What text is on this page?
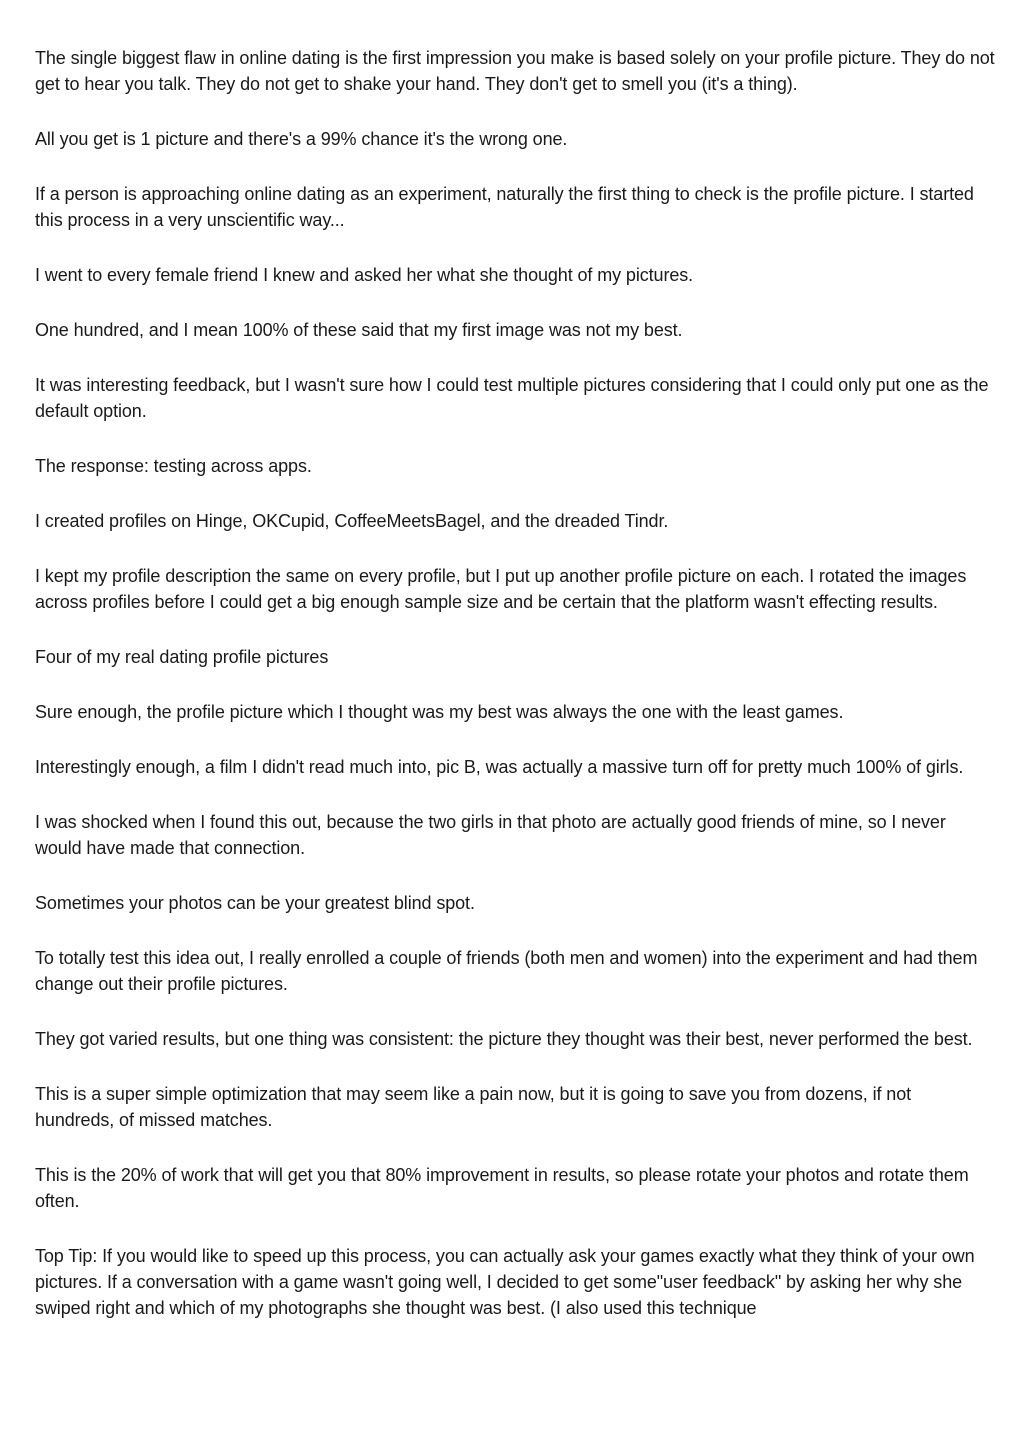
The single biggest flaw in online dating is the first impression you make is based solely on your profile picture. They do not get to hear you talk. They do not get to shake your hand. They don't get to smell you (it's a thing).

All you get is 1 picture and there's a 99% chance it's the wrong one.

If a person is approaching online dating as an experiment, naturally the first thing to check is the profile picture. I started this process in a very unscientific way...

I went to every female friend I knew and asked her what she thought of my pictures.

One hundred, and I mean 100% of these said that my first image was not my best.

It was interesting feedback, but I wasn't sure how I could test multiple pictures considering that I could only put one as the default option.

The response: testing across apps.

I created profiles on Hinge, OKCupid, CoffeeMeetsBagel, and the dreaded Tindr.

I kept my profile description the same on every profile, but I put up another profile picture on each. I rotated the images across profiles before I could get a big enough sample size and be certain that the platform wasn't effecting results.

Four of my real dating profile pictures

Sure enough, the profile picture which I thought was my best was always the one with the least games.

Interestingly enough, a film I didn't read much into, pic B, was actually a massive turn off for pretty much 100% of girls.

I was shocked when I found this out, because the two girls in that photo are actually good friends of mine, so I never would have made that connection.

Sometimes your photos can be your greatest blind spot.

To totally test this idea out, I really enrolled a couple of friends (both men and women) into the experiment and had them change out their profile pictures.

They got varied results, but one thing was consistent: the picture they thought was their best, never performed the best.

This is a super simple optimization that may seem like a pain now, but it is going to save you from dozens, if not hundreds, of missed matches.

This is the 20% of work that will get you that 80% improvement in results, so please rotate your photos and rotate them often.

Top Tip: If you would like to speed up this process, you can actually ask your games exactly what they think of your own pictures. If a conversation with a game wasn't going well, I decided to get some"user feedback" by asking her why she swiped right and which of my photographs she thought was best. (I also used this technique
